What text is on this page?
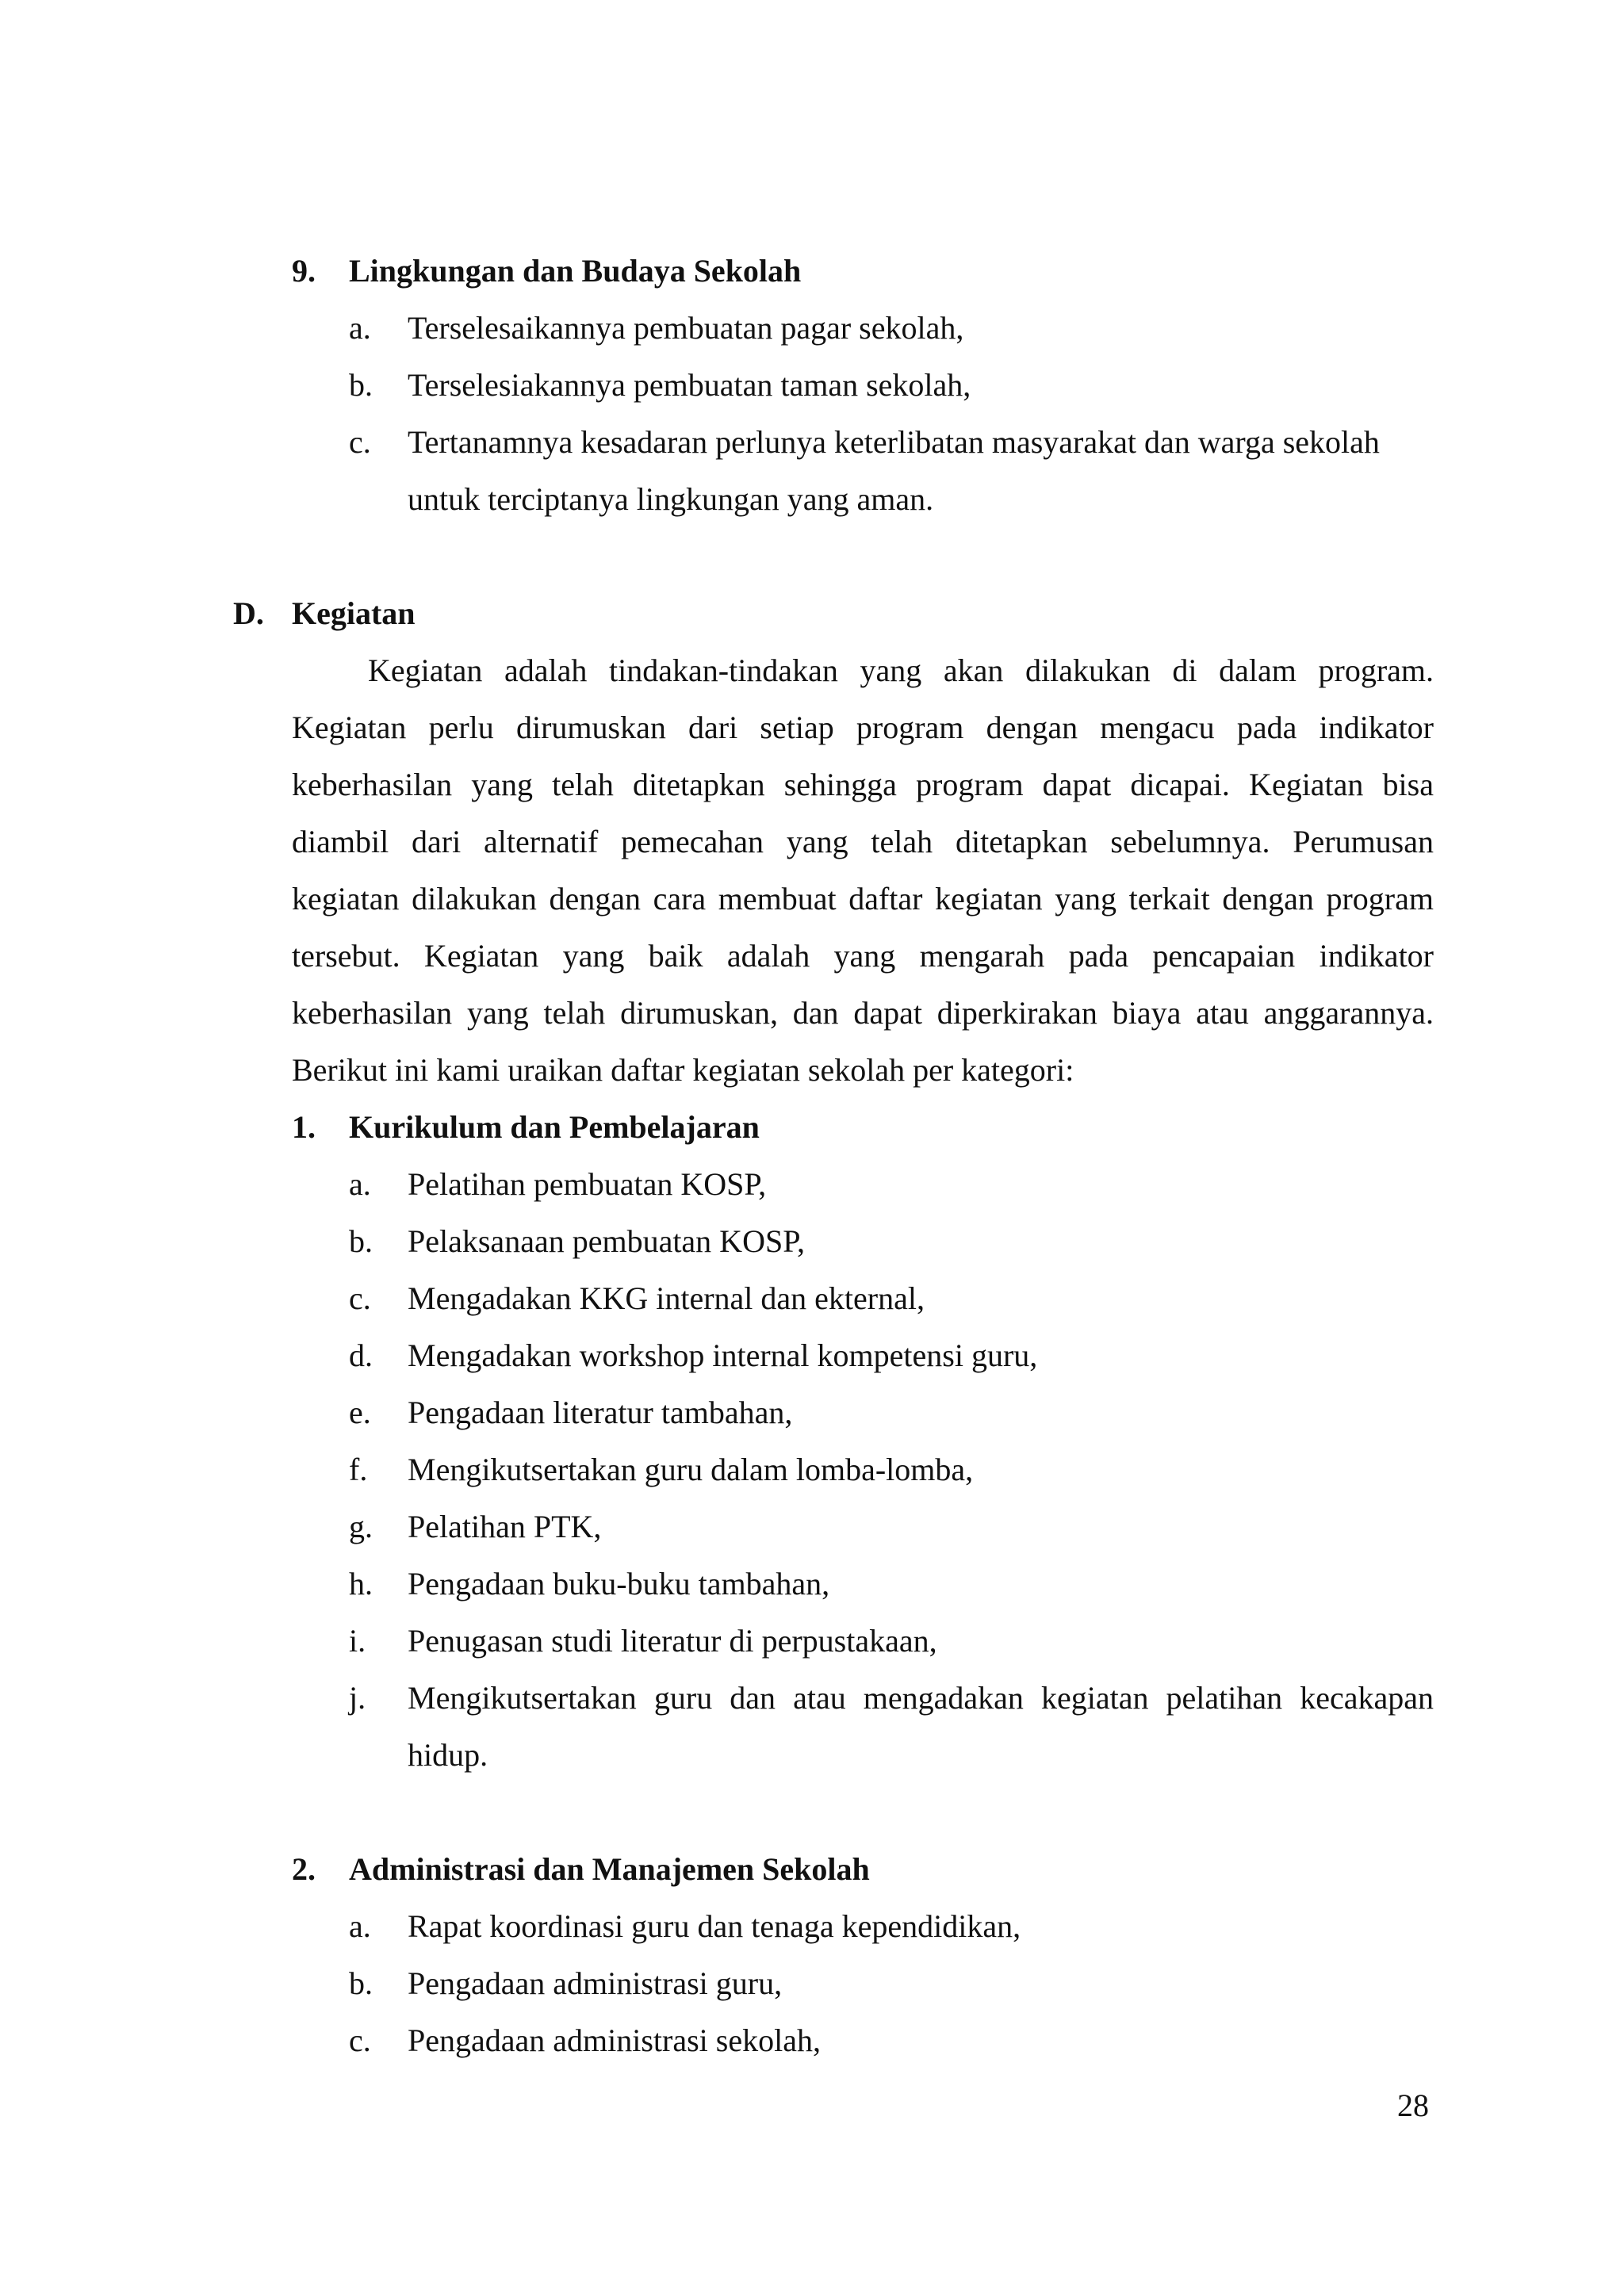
9. Lingkungan dan Budaya Sekolah
a. Terselesaikannya pembuatan pagar sekolah,
b. Terselesiakannya pembuatan taman sekolah,
c. Tertanamnya kesadaran perlunya keterlibatan masyarakat dan warga sekolah
untuk terciptanya lingkungan yang aman.
D. Kegiatan
Kegiatan adalah tindakan-tindakan yang akan dilakukan di dalam program.
Kegiatan perlu dirumuskan dari setiap program dengan mengacu pada indikator
keberhasilan yang telah ditetapkan sehingga program dapat dicapai. Kegiatan bisa
diambil dari alternatif pemecahan yang telah ditetapkan sebelumnya. Perumusan
kegiatan dilakukan dengan cara membuat daftar kegiatan yang terkait dengan program
tersebut. Kegiatan yang baik adalah yang mengarah pada pencapaian indikator
keberhasilan yang telah dirumuskan, dan dapat diperkirakan biaya atau anggarannya.
Berikut ini kami uraikan daftar kegiatan sekolah per kategori:
1. Kurikulum dan Pembelajaran
a. Pelatihan pembuatan KOSP,
b. Pelaksanaan pembuatan KOSP,
c. Mengadakan KKG internal dan ekternal,
d. Mengadakan workshop internal kompetensi guru,
e. Pengadaan literatur tambahan,
f. Mengikutsertakan guru dalam lomba-lomba,
g. Pelatihan PTK,
h. Pengadaan buku-buku tambahan,
i. Penugasan studi literatur di perpustakaan,
j. Mengikutsertakan guru dan atau mengadakan kegiatan pelatihan kecakapan
hidup.
2. Administrasi dan Manajemen Sekolah
a. Rapat koordinasi guru dan tenaga kependidikan,
b. Pengadaan administrasi guru,
c. Pengadaan administrasi sekolah,
28
